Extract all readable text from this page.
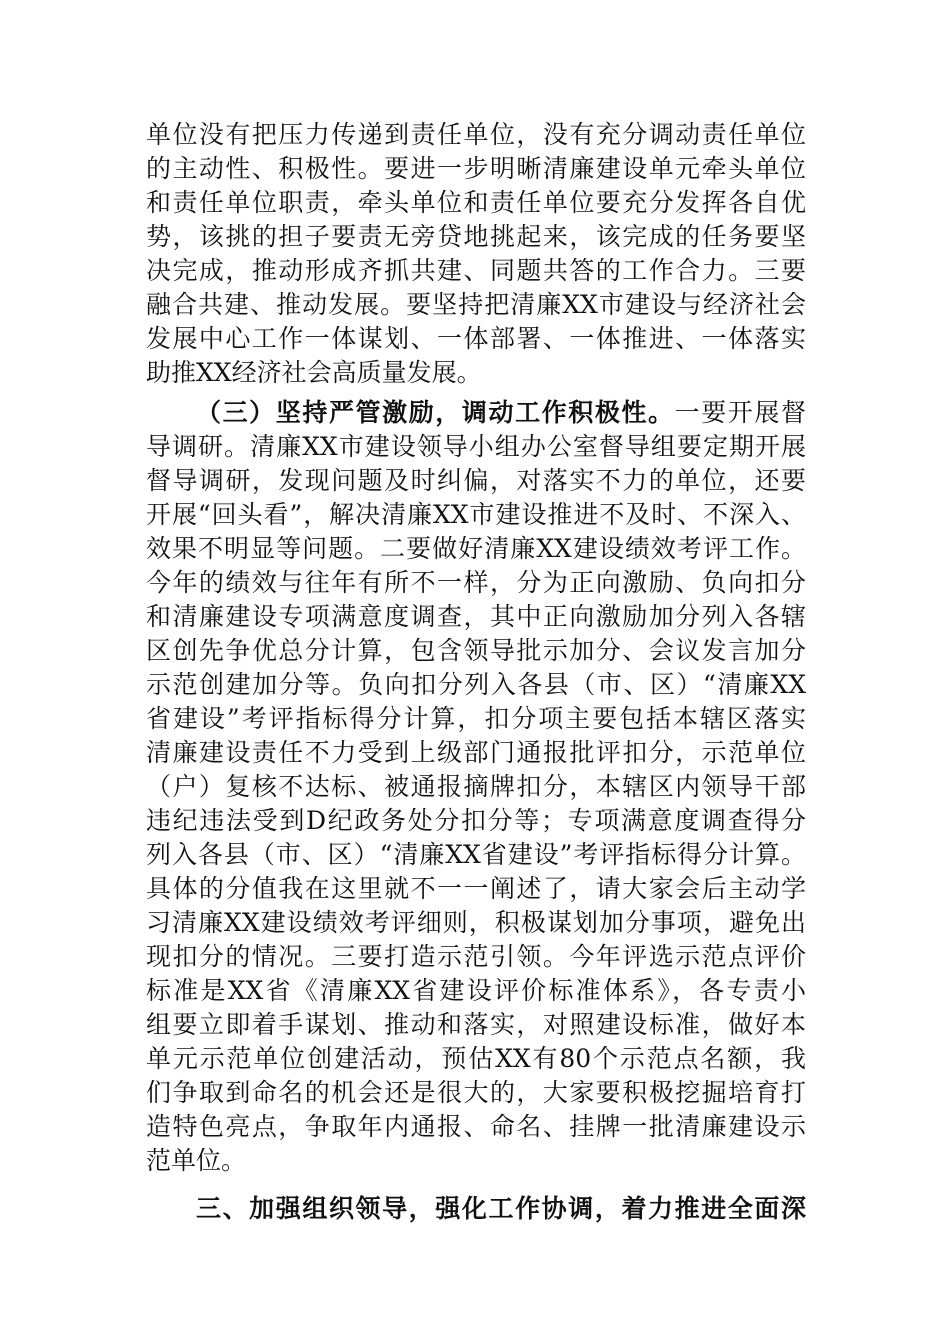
单位没有把压力传递到责任单位，没有充分调动责任单位
的主动性、积极性。要进一步明晰清廉建设单元牵头单位
和责任单位职责，牵头单位和责任单位要充分发挥各自优
势，该挑的担子要责无旁贷地挑起来，该完成的任务要坚
决完成，推动形成齐抓共建、同题共答的工作合力。三要
融合共建、推动发展。要坚持把清廉XX市建设与经济社会
发展中心工作一体谋划、一体部署、一体推进、一体落实
助推XX经济社会高质量发展。
（三）坚持严管激励，调动工作积极性。一要开展督
导调研。清廉XX市建设领导小组办公室督导组要定期开展
督导调研，发现问题及时纠偏，对落实不力的单位，还要
开展“回头看”，解决清廉XX市建设推进不及时、不深入、
效果不明显等问题。二要做好清廉XX建设绩效考评工作。
今年的绩效与往年有所不一样，分为正向激励、负向扣分
和清廉建设专项满意度调查，其中正向激励加分列入各辖
区创先争优总分计算，包含领导批示加分、会议发言加分
示范创建加分等。负向扣分列入各县（市、区）“清廉XX
省建设”考评指标得分计算，扣分项主要包括本辖区落实
清廉建设责任不力受到上级部门通报批评扣分，示范单位
（户）复核不达标、被通报摘牌扣分，本辖区内领导干部
违纪违法受到D纪政务处分扣分等；专项满意度调查得分
列入各县（市、区）“清廉XX省建设”考评指标得分计算。
具体的分值我在这里就不一一阐述了，请大家会后主动学
习清廉XX建设绩效考评细则，积极谋划加分事项，避免出
现扣分的情况。三要打造示范引领。今年评选示范点评价
标准是XX省《清廉XX省建设评价标准体系》，各专责小
组要立即着手谋划、推动和落实，对照建设标准，做好本
单元示范单位创建活动，预估XX有80个示范点名额，我
们争取到命名的机会还是很大的，大家要积极挖掘培育打
造特色亮点，争取年内通报、命名、挂牌一批清廉建设示
范单位。
三、加强组织领导，强化工作协调，着力推进全面深
